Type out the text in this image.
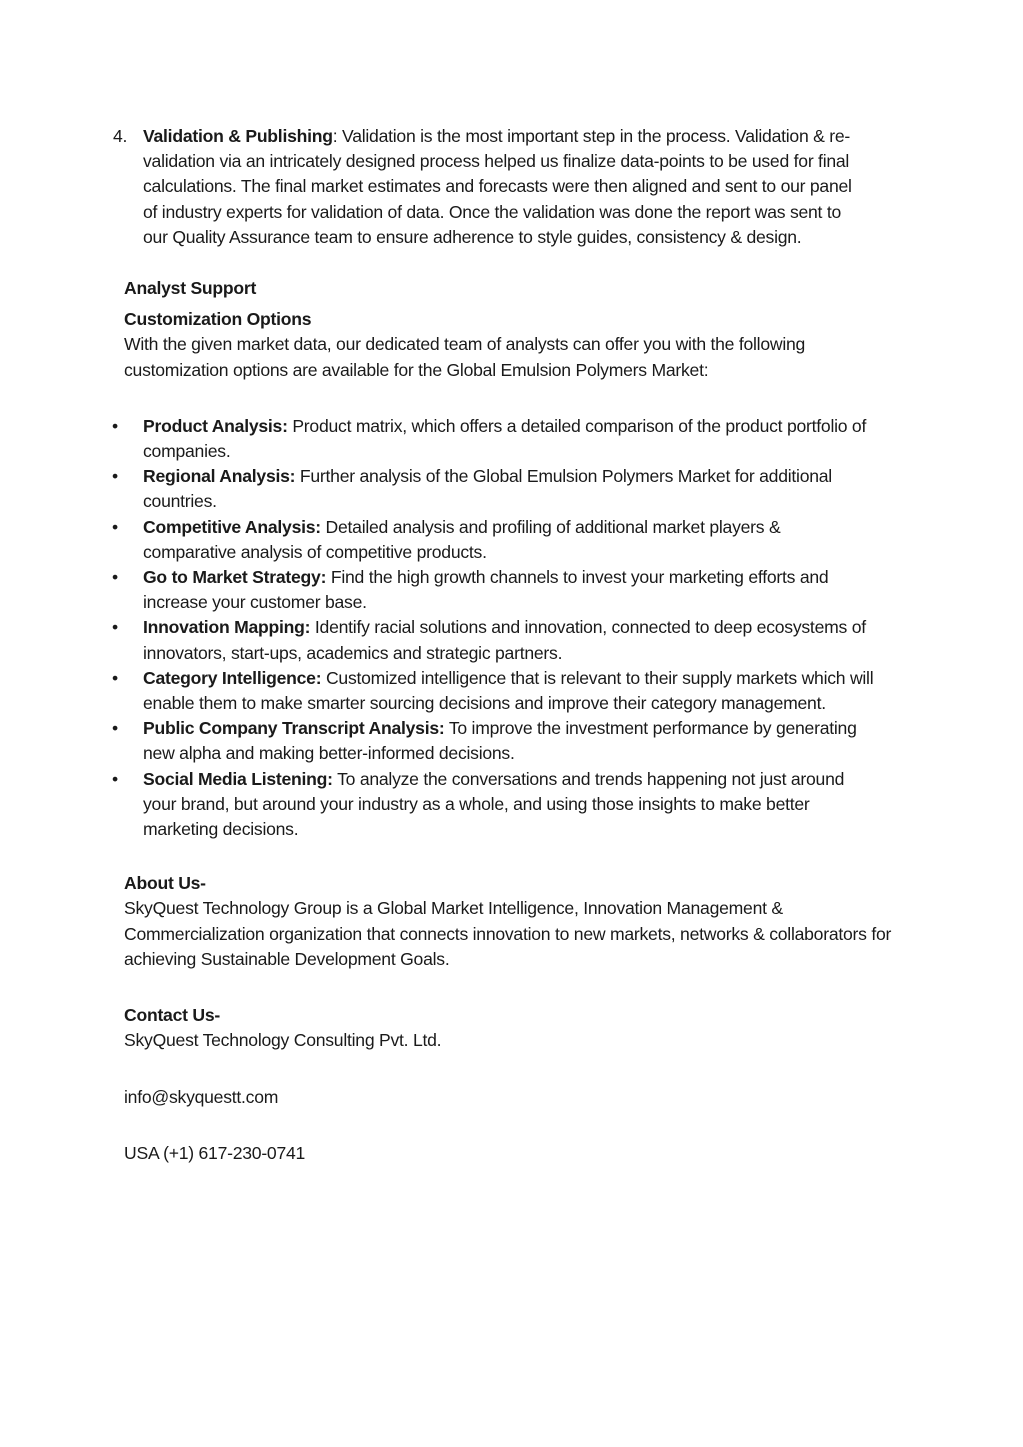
4. Validation & Publishing: Validation is the most important step in the process. Validation & re-validation via an intricately designed process helped us finalize data-points to be used for final calculations. The final market estimates and forecasts were then aligned and sent to our panel of industry experts for validation of data. Once the validation was done the report was sent to our Quality Assurance team to ensure adherence to style guides, consistency & design.
Analyst Support
Customization Options
With the given market data, our dedicated team of analysts can offer you with the following customization options are available for the Global Emulsion Polymers Market:
• Product Analysis: Product matrix, which offers a detailed comparison of the product portfolio of companies.
• Regional Analysis: Further analysis of the Global Emulsion Polymers Market for additional countries.
• Competitive Analysis: Detailed analysis and profiling of additional market players & comparative analysis of competitive products.
• Go to Market Strategy: Find the high growth channels to invest your marketing efforts and increase your customer base.
• Innovation Mapping: Identify racial solutions and innovation, connected to deep ecosystems of innovators, start-ups, academics and strategic partners.
• Category Intelligence: Customized intelligence that is relevant to their supply markets which will enable them to make smarter sourcing decisions and improve their category management.
• Public Company Transcript Analysis: To improve the investment performance by generating new alpha and making better-informed decisions.
• Social Media Listening: To analyze the conversations and trends happening not just around your brand, but around your industry as a whole, and using those insights to make better marketing decisions.
About Us-
SkyQuest Technology Group is a Global Market Intelligence, Innovation Management & Commercialization organization that connects innovation to new markets, networks & collaborators for achieving Sustainable Development Goals.
Contact Us-
SkyQuest Technology Consulting Pvt. Ltd.
info@skyquestt.com
USA (+1) 617-230-0741
